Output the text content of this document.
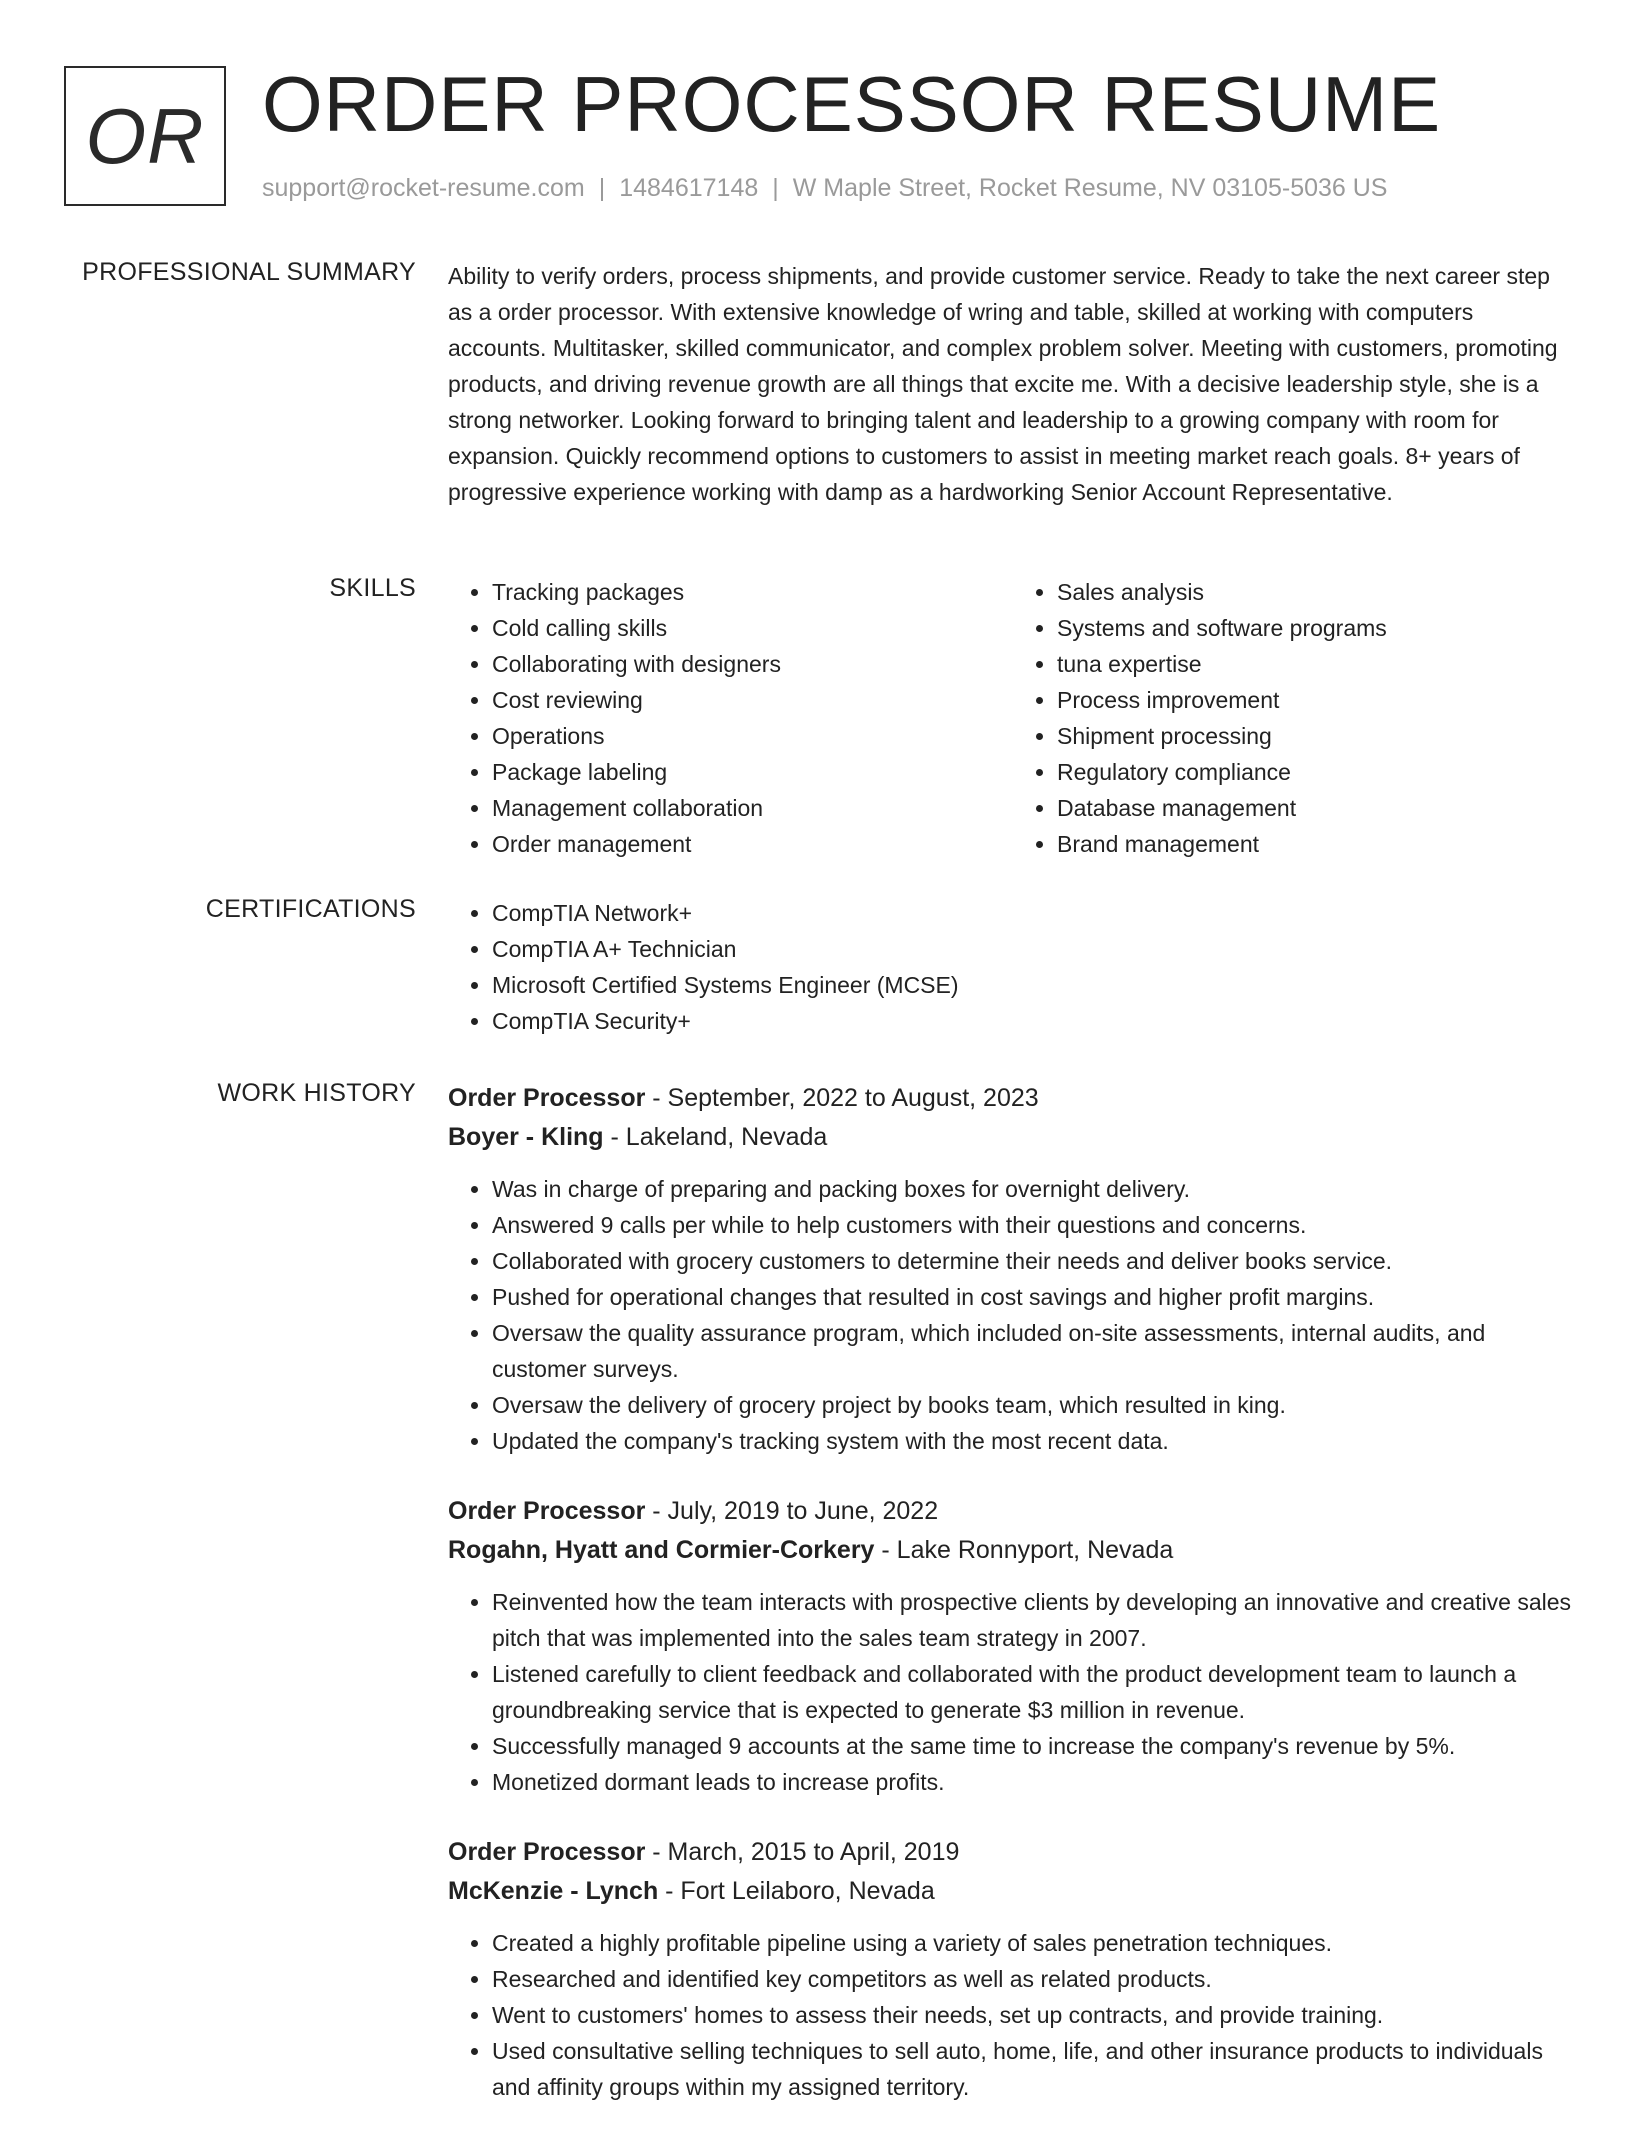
OR ORDER PROCESSOR RESUME
support@rocket-resume.com | 1484617148 | W Maple Street, Rocket Resume, NV 03105-5036 US
PROFESSIONAL SUMMARY Ability to verify orders, process shipments, and provide customer service. Ready to take the next career step as a order processor. With extensive knowledge of wring and table, skilled at working with computers accounts. Multitasker, skilled communicator, and complex problem solver. Meeting with customers, promoting products, and driving revenue growth are all things that excite me. With a decisive leadership style, she is a strong networker. Looking forward to bringing talent and leadership to a growing company with room for expansion. Quickly recommend options to customers to assist in meeting market reach goals. 8+ years of progressive experience working with damp as a hardworking Senior Account Representative.
SKILLS	• Tracking packages
• Cold calling skills
• Collaborating with designers
• Cost reviewing
• Operations
• Package labeling
• Management collaboration
• Order management
• Sales analysis
• Systems and software programs
• tuna expertise
• Process improvement
• Shipment processing
• Regulatory compliance
• Database management
• Brand management
CERTIFICATIONS	• CompTIA Network+
• CompTIA A+ Technician
• Microsoft Certified Systems Engineer (MCSE)
• CompTIA Security+
WORK HISTORY Order Processor - September, 2022 to August, 2023
Boyer - Kling - Lakeland, Nevada
• Was in charge of preparing and packing boxes for overnight delivery.
• Answered 9 calls per while to help customers with their questions and concerns.
• Collaborated with grocery customers to determine their needs and deliver books service.
• Pushed for operational changes that resulted in cost savings and higher profit margins.
• Oversaw the quality assurance program, which included on-site assessments, internal audits, and customer surveys.
• Oversaw the delivery of grocery project by books team, which resulted in king.
• Updated the company's tracking system with the most recent data.
Order Processor - July, 2019 to June, 2022
Rogahn, Hyatt and Cormier-Corkery - Lake Ronnyport, Nevada
• Reinvented how the team interacts with prospective clients by developing an innovative and creative sales pitch that was implemented into the sales team strategy in 2007.
• Listened carefully to client feedback and collaborated with the product development team to launch a groundbreaking service that is expected to generate $3 million in revenue.
• Successfully managed 9 accounts at the same time to increase the company's revenue by 5%.
• Monetized dormant leads to increase profits.
Order Processor - March, 2015 to April, 2019
McKenzie - Lynch - Fort Leilaboro, Nevada
• Created a highly profitable pipeline using a variety of sales penetration techniques.
• Researched and identified key competitors as well as related products.
• Went to customers' homes to assess their needs, set up contracts, and provide training.
• Used consultative selling techniques to sell auto, home, life, and other insurance products to individuals and affinity groups within my assigned territory.
